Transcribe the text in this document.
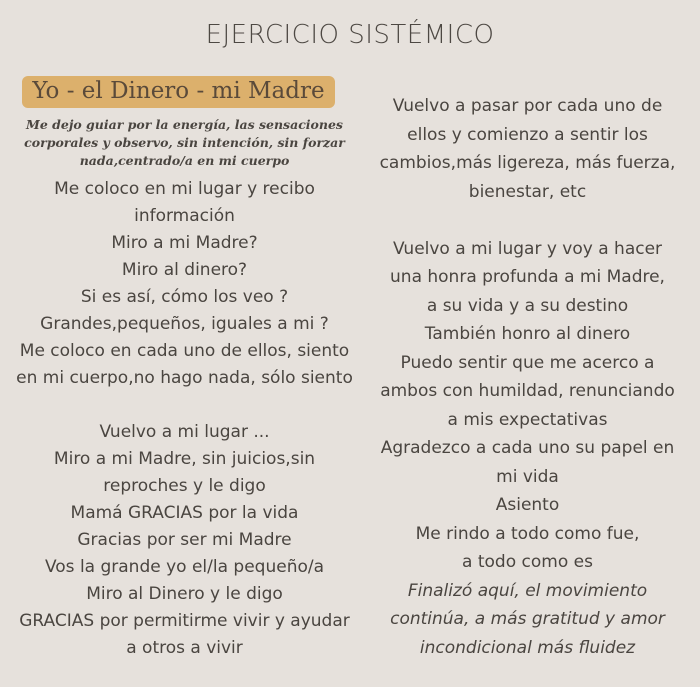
EJERCICIO SISTÉMICO
Yo - el Dinero - mi Madre
Me dejo guiar por la energía, las sensaciones corporales y observo, sin intención, sin forzar nada,centrado/a en mi cuerpo
Me coloco en mi lugar y recibo
información
Miro a mi Madre?
Miro al dinero?
Si es así, cómo los veo ?
Grandes,pequeños, iguales a mi ?
Me coloco en cada uno de ellos, siento
en mi cuerpo,no hago nada, sólo siento
Vuelvo a mi lugar ...
Miro a mi Madre, sin juicios,sin
reproches y le digo
Mamá GRACIAS por la vida
Gracias por ser mi Madre
Vos la grande yo el/la pequeño/a
Miro al Dinero y le digo
GRACIAS por permitirme vivir y ayudar
a otros a vivir
Vuelvo a pasar por cada uno de
ellos y comienzo a sentir los
cambios,más ligereza, más fuerza,
bienestar, etc
Vuelvo a mi lugar y voy a hacer
una honra profunda a mi Madre,
a su vida y a su destino
También honro al dinero
Puedo sentir que me acerco a
ambos con humildad, renunciando
a mis expectativas
Agradezco a cada uno su papel en
mi vida
Asiento
Me rindo a todo como fue,
a todo como es
Finalizó aquí, el movimiento
continúa, a más gratitud y amor
incondicional más fluidez
